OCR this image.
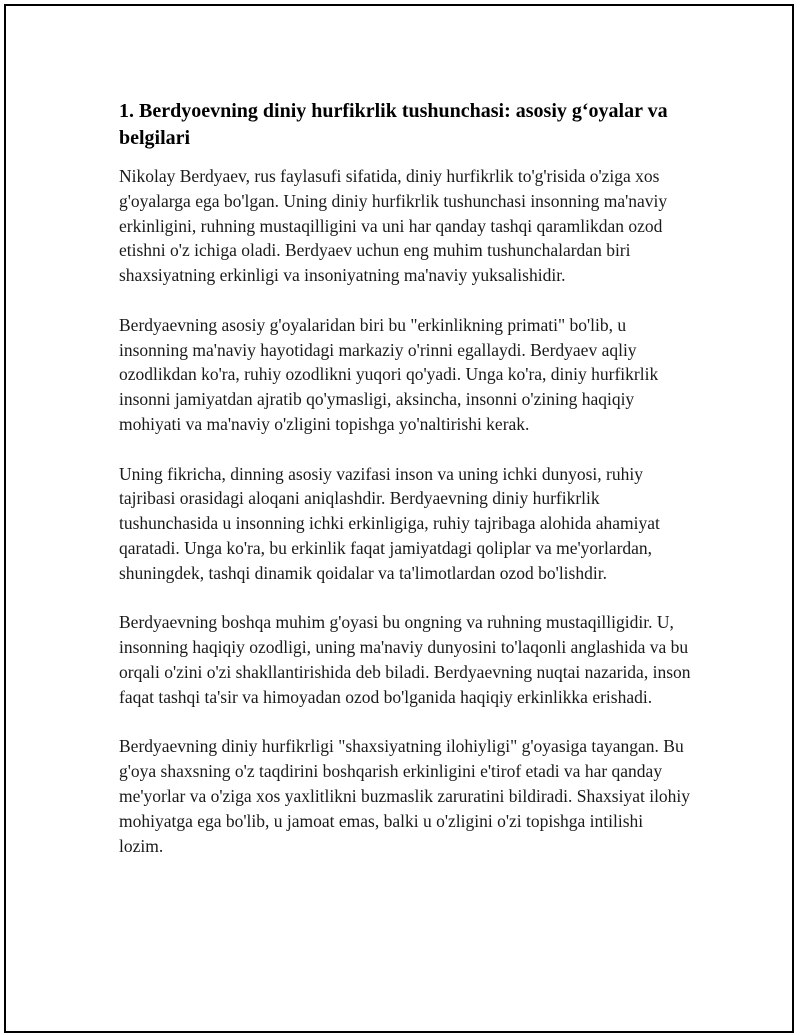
1. Berdyoevning diniy hurfikrlik tushunchasi: asosiy g‘oyalar va belgilari

Nikolay Berdyaev, rus faylasufi sifatida, diniy hurfikrlik to'g'risida o'ziga xos g'oyalarga ega bo'lgan. Uning diniy hurfikrlik tushunchasi insonning ma'naviy erkinligini, ruhning mustaqilligini va uni har qanday tashqi qaramlikdan ozod etishni o'z ichiga oladi. Berdyaev uchun eng muhim tushunchalardan biri shaxsiyatning erkinligi va insoniyatning ma'naviy yuksalishidir.

Berdyaevning asosiy g'oyalaridan biri bu "erkinlikning primati" bo'lib, u insonning ma'naviy hayotidagi markaziy o'rinni egallaydi. Berdyaev aqliy ozodlikdan ko'ra, ruhiy ozodlikni yuqori qo'yadi. Unga ko'ra, diniy hurfikrlik insonni jamiyatdan ajratib qo'ymasligi, aksincha, insonni o'zining haqiqiy mohiyati va ma'naviy o'zligini topishga yo'naltirishi kerak.

Uning fikricha, dinning asosiy vazifasi inson va uning ichki dunyosi, ruhiy tajribasi orasidagi aloqani aniqlashdir. Berdyaevning diniy hurfikrlik tushunchasida u insonning ichki erkinligiga, ruhiy tajribaga alohida ahamiyat qaratadi. Unga ko'ra, bu erkinlik faqat jamiyatdagi qoliplar va me'yorlardan, shuningdek, tashqi dinamik qoidalar va ta'limotlardan ozod bo'lishdir.

Berdyaevning boshqa muhim g'oyasi bu ongning va ruhning mustaqilligidir. U, insonning haqiqiy ozodligi, uning ma'naviy dunyosini to'laqonli anglashida va bu orqali o'zini o'zi shakllantirishida deb biladi. Berdyaevning nuqtai nazarida, inson faqat tashqi ta'sir va himoyadan ozod bo'lganida haqiqiy erkinlikka erishadi.

Berdyaevning diniy hurfikrligi "shaxsiyatning ilohiyligi" g'oyasiga tayangan. Bu g'oya shaxsning o'z taqdirini boshqarish erkinligini e'tirof etadi va har qanday me'yorlar va o'ziga xos yaxlitlikni buzmaslik zaruratini bildiradi. Shaxsiyat ilohiy mohiyatga ega bo'lib, u jamoat emas, balki u o'zligini o'zi topishga intilishi lozim.
